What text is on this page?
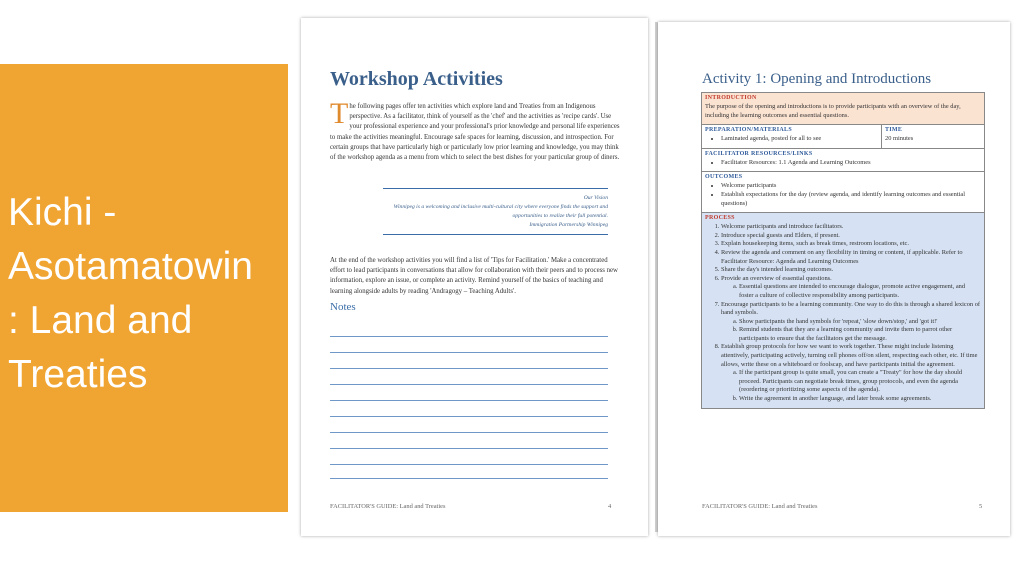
Kichi -
Asotamatowin
: Land and
Treaties
Workshop Activities
The following pages offer ten activities which explore land and Treaties from an Indigenous perspective. As a facilitator, think of yourself as the 'chef' and the activities as 'recipe cards'. Use your professional experience and your professional's prior knowledge and personal life experiences to make the activities meaningful. Encourage safe spaces for learning, discussion, and introspection. For certain groups that have particularly high or particularly low prior learning and knowledge, you may think of the workshop agenda as a menu from which to select the best dishes for your particular group of diners.
Our Vision
Winnipeg is a welcoming and inclusive multi-cultural city where everyone finds the support and opportunities to realize their full potential.
Immigration Partnership Winnipeg
At the end of the workshop activities you will find a list of 'Tips for Facilitation.' Make a concentrated effort to lead participants in conversations that allow for collaboration with their peers and to process new information, explore an issue, or complete an activity. Remind yourself of the basics of teaching and learning alongside adults by reading 'Andragogy – Teaching Adults'.
Notes
FACILITATOR'S GUIDE: Land and Treaties	4
Activity 1: Opening and Introductions
INTRODUCTION

The purpose of the opening and introductions is to provide participants with an overview of the day, including the learning outcomes and essential questions.

PREPARATION/MATERIALS
• Laminated agenda, posted for all to see
TIME

20 minutes

FACILITATOR RESOURCES/LINKS
• Facilitator Resources: 1.1 Agenda and Learning Outcomes
OUTCOMES
• Welcome participants
• Establish expectations for the day (review agenda, and identify learning outcomes and essential questions)
PROCESS
1. Welcome participants and introduce facilitators.
2. Introduce special guests and Elders, if present.
3. Explain housekeeping items, such as break times, restroom locations, etc.
4. Review the agenda and comment on any flexibility in timing or content, if applicable. Refer to Facilitator Resource: Agenda and Learning Outcomes
5. Share the day's intended learning outcomes.
6. Provide an overview of essential questions.
a. Essential questions are intended to encourage dialogue, promote active engagement, and foster a culture of collective responsibility among participants.
7. Encourage participants to be a learning community. One way to do this is through a shared lexicon of hand symbols.
a. Show participants the hand symbols for 'repeat,' 'slow down/stop,' and 'got it!'
b. Remind students that they are a learning community and invite them to parrot other participants to ensure that the facilitators get the message.
8. Establish group protocols for how we want to work together. These might include listening attentively, participating actively, turning cell phones off/on silent, respecting each other, etc. If time allows, write these on a whiteboard or foolscap, and have participants initial the agreement.
a. If the participant group is quite small, you can create a "Treaty" for how the day should proceed. Participants can negotiate break times, group protocols, and even the agenda (reordering or prioritizing some aspects of the agenda).
b. Write the agreement in another language, and later break some agreements.
FACILITATOR'S GUIDE: Land and Treaties	5
